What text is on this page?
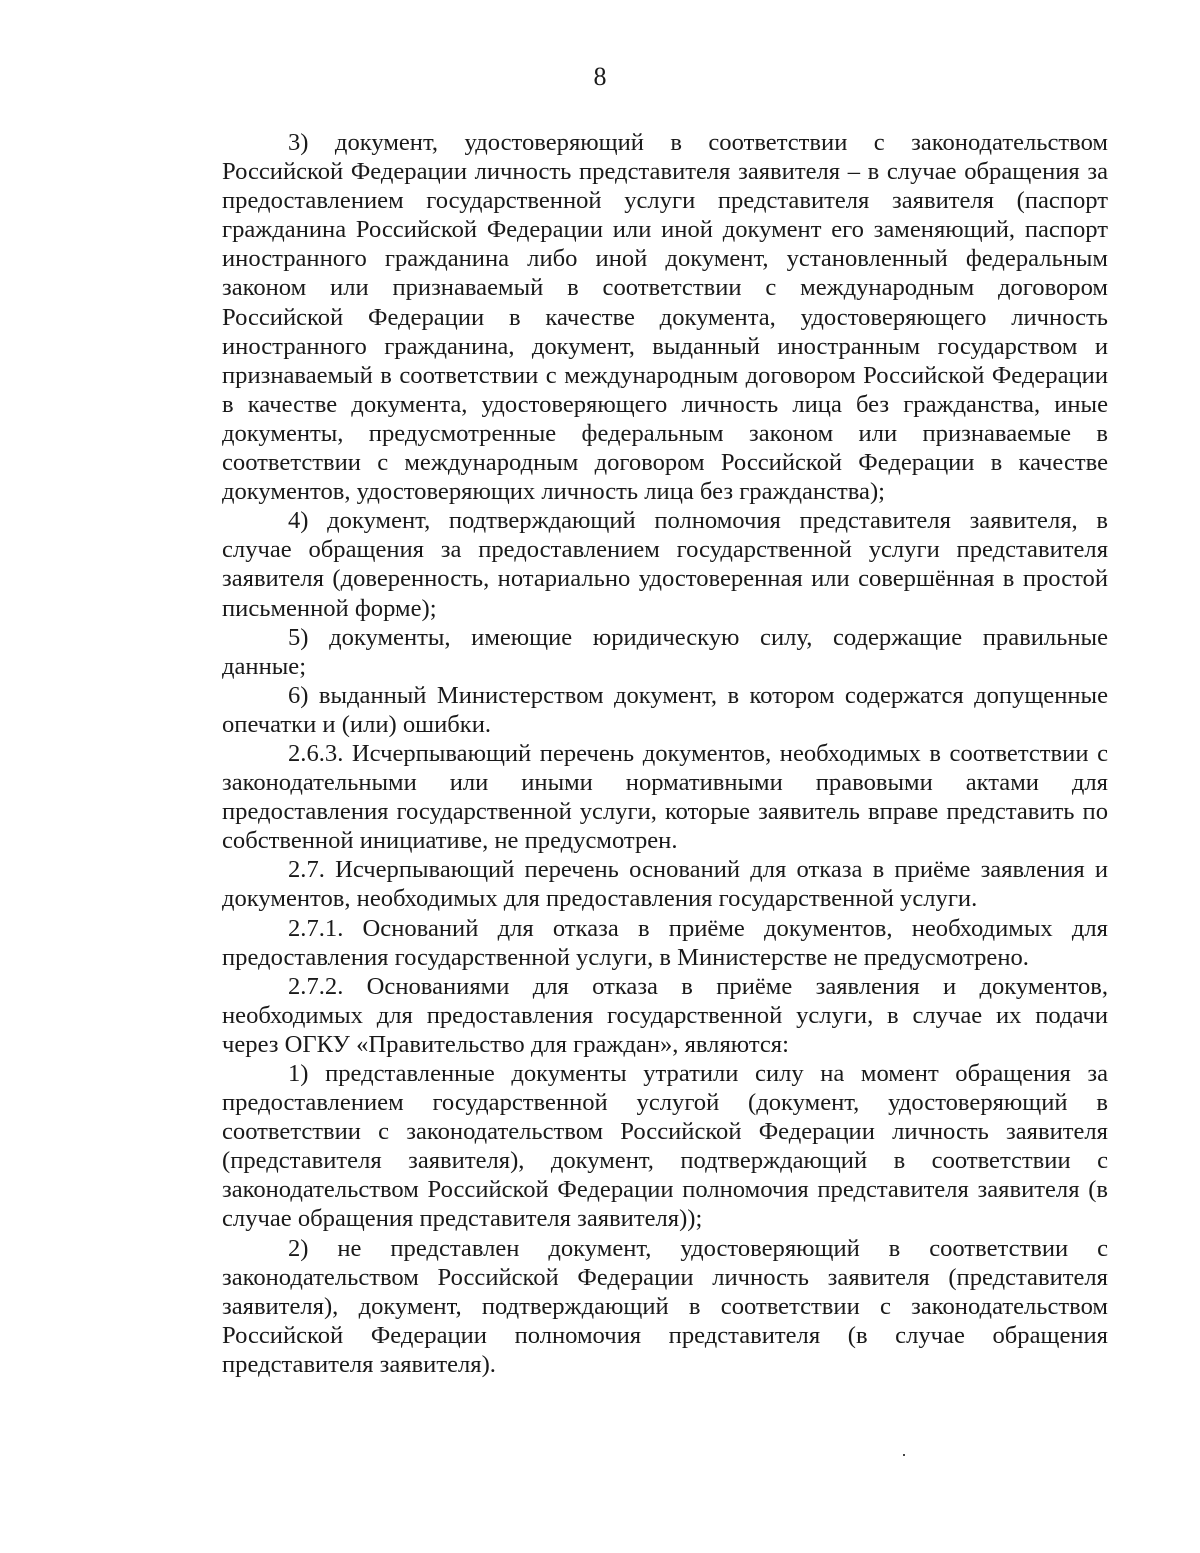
8

3) документ, удостоверяющий в соответствии с законодательством Российской Федерации личность представителя заявителя – в случае обращения за предоставлением государственной услуги представителя заявителя (паспорт гражданина Российской Федерации или иной документ его заменяющий, паспорт иностранного гражданина либо иной документ, установленный федеральным законом или признаваемый в соответствии с международным договором Российской Федерации в качестве документа, удостоверяющего личность иностранного гражданина, документ, выданный иностранным государством и признаваемый в соответствии с международным договором Российской Федерации в качестве документа, удостоверяющего личность лица без гражданства, иные документы, предусмотренные федеральным законом или признаваемые в соответствии с международным договором Российской Федерации в качестве документов, удостоверяющих личность лица без гражданства);

4) документ, подтверждающий полномочия представителя заявителя, в случае обращения за предоставлением государственной услуги представителя заявителя (доверенность, нотариально удостоверенная или совершённая в простой письменной форме);

5) документы, имеющие юридическую силу, содержащие правильные данные;

6) выданный Министерством документ, в котором содержатся допущенные опечатки и (или) ошибки.

2.6.3. Исчерпывающий перечень документов, необходимых в соответствии с законодательными или иными нормативными правовыми актами для предоставления государственной услуги, которые заявитель вправе представить по собственной инициативе, не предусмотрен.

2.7. Исчерпывающий перечень оснований для отказа в приёме заявления и документов, необходимых для предоставления государственной услуги.

2.7.1. Оснований для отказа в приёме документов, необходимых для предоставления государственной услуги, в Министерстве не предусмотрено.

2.7.2. Основаниями для отказа в приёме заявления и документов, необходимых для предоставления государственной услуги, в случае их подачи через ОГКУ «Правительство для граждан», являются:

1) представленные документы утратили силу на момент обращения за предоставлением государственной услугой (документ, удостоверяющий в соответствии с законодательством Российской Федерации личность заявителя (представителя заявителя), документ, подтверждающий в соответствии с законодательством Российской Федерации полномочия представителя заявителя (в случае обращения представителя заявителя));

2) не представлен документ, удостоверяющий в соответствии с законодательством Российской Федерации личность заявителя (представителя заявителя), документ, подтверждающий в соответствии с законодательством Российской Федерации полномочия представителя (в случае обращения представителя заявителя).
